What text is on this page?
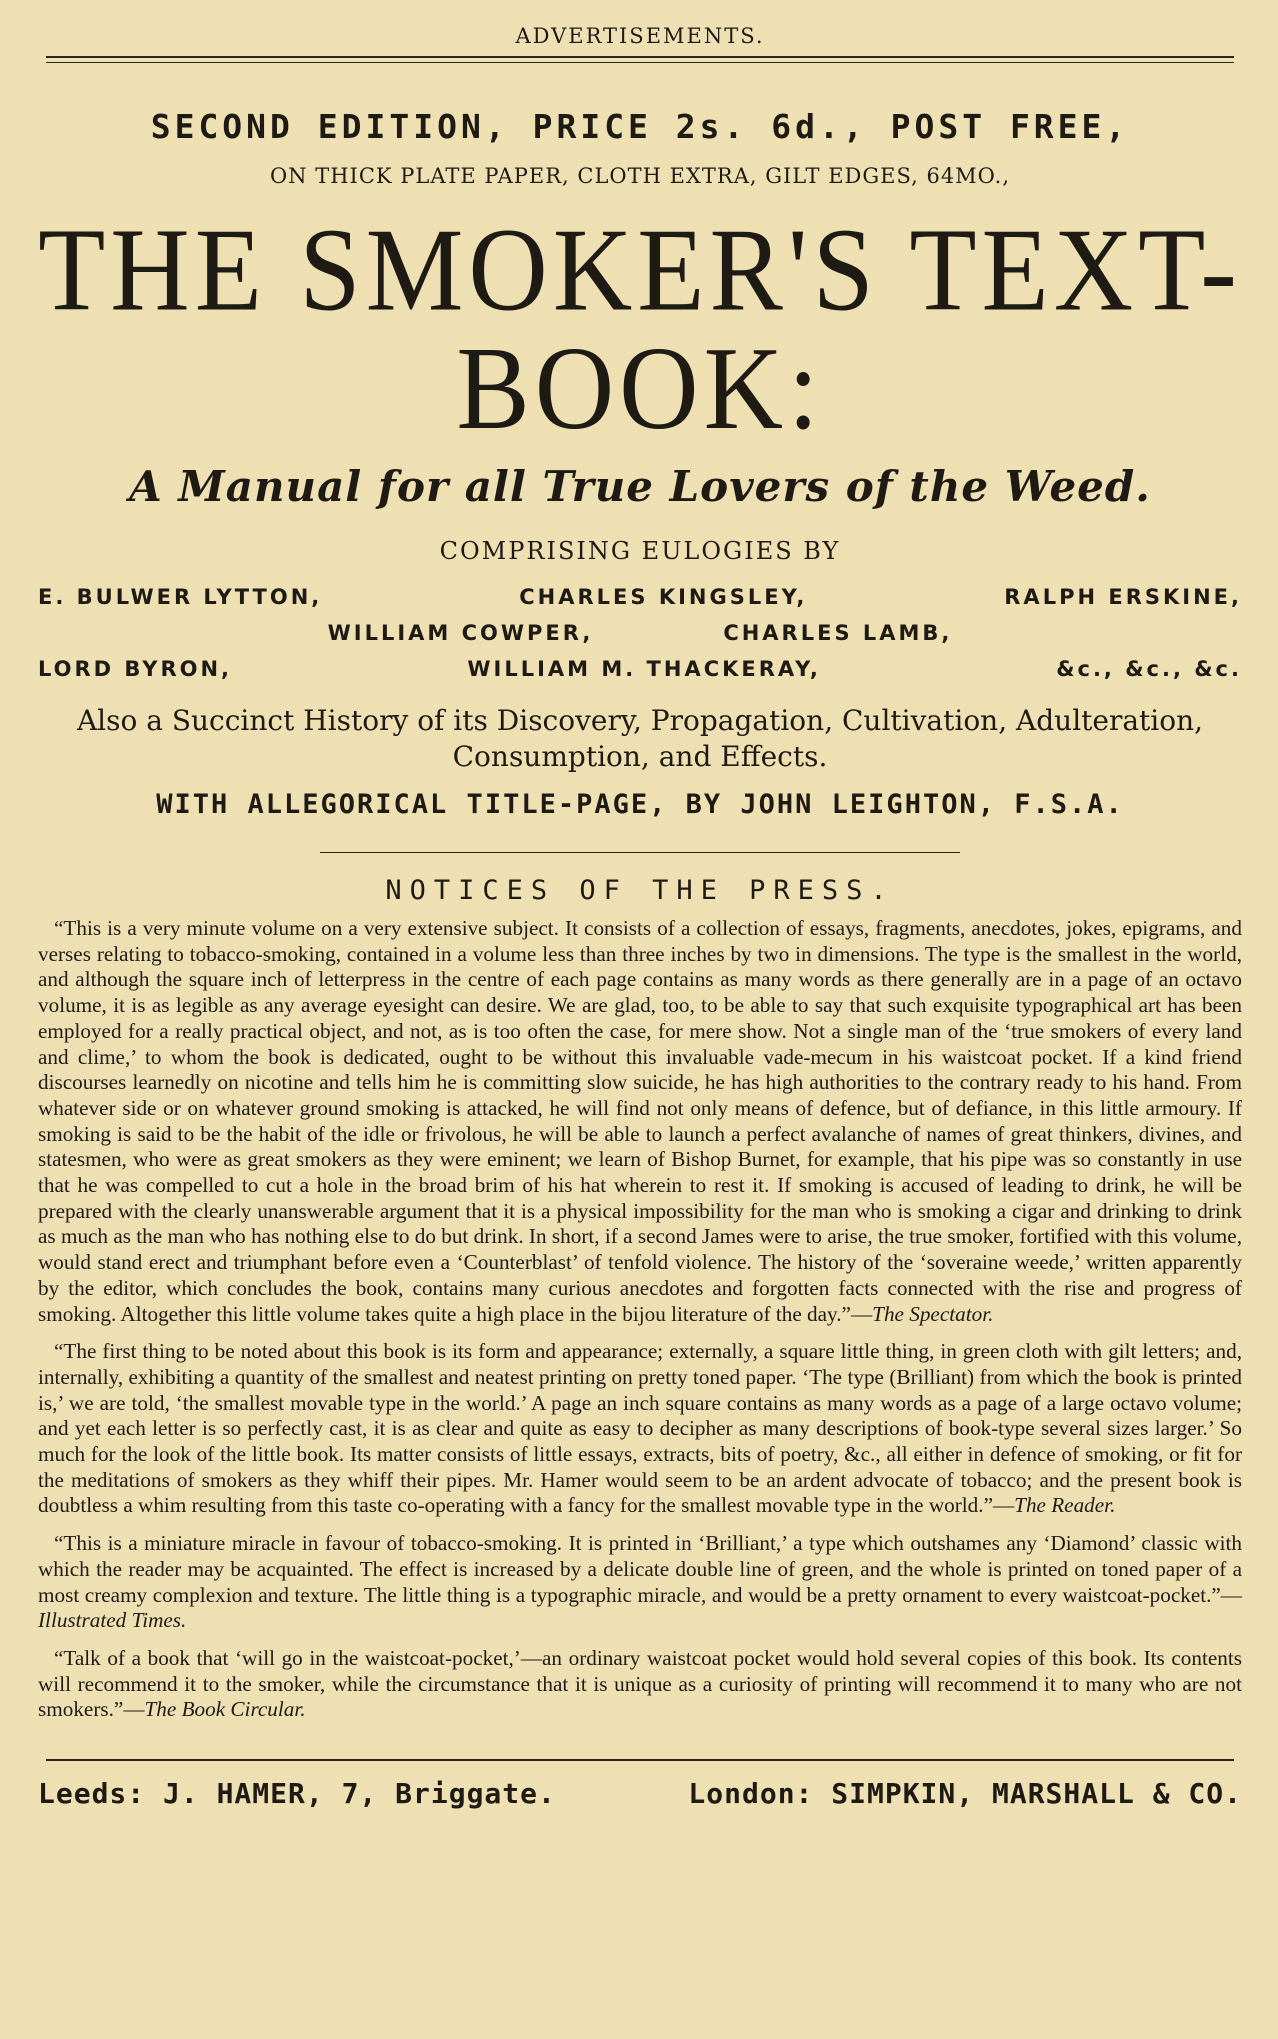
ADVERTISEMENTS.
SECOND EDITION, PRICE 2s. 6d., POST FREE,
ON THICK PLATE PAPER, CLOTH EXTRA, GILT EDGES, 64MO.,
THE SMOKER'S TEXT-BOOK:
A Manual for all True Lovers of the Weed.
COMPRISING EULOGIES BY
E. BULWER LYTTON,	CHARLES KINGSLEY,	RALPH ERSKINE,
WILLIAM COWPER,	CHARLES LAMB,
LORD BYRON,	WILLIAM M. THACKERAY,	&c., &c., &c.
Also a Succinct History of its Discovery, Propagation, Cultivation, Adulteration, Consumption, and Effects.
WITH ALLEGORICAL TITLE-PAGE, BY JOHN LEIGHTON, F.S.A.
NOTICES OF THE PRESS.

“This is a very minute volume on a very extensive subject. It consists of a collection of essays, fragments, anecdotes, jokes, epigrams, and verses relating to tobacco-smoking, contained in a volume less than three inches by two in dimensions. The type is the smallest in the world, and although the square inch of letterpress in the centre of each page contains as many words as there generally are in a page of an octavo volume, it is as legible as any average eyesight can desire. We are glad, too, to be able to say that such exquisite typographical art has been employed for a really practical object, and not, as is too often the case, for mere show. Not a single man of the ‘true smokers of every land and clime,’ to whom the book is dedicated, ought to be without this invaluable vade-mecum in his waistcoat pocket. If a kind friend discourses learnedly on nicotine and tells him he is committing slow suicide, he has high authorities to the contrary ready to his hand. From whatever side or on whatever ground smoking is attacked, he will find not only means of defence, but of defiance, in this little armoury. If smoking is said to be the habit of the idle or frivolous, he will be able to launch a perfect avalanche of names of great thinkers, divines, and statesmen, who were as great smokers as they were eminent; we learn of Bishop Burnet, for example, that his pipe was so constantly in use that he was compelled to cut a hole in the broad brim of his hat wherein to rest it. If smoking is accused of leading to drink, he will be prepared with the clearly unanswerable argument that it is a physical impossibility for the man who is smoking a cigar and drinking to drink as much as the man who has nothing else to do but drink. In short, if a second James were to arise, the true smoker, fortified with this volume, would stand erect and triumphant before even a ‘Counterblast’ of tenfold violence. The history of the ‘soveraine weede,’ written apparently by the editor, which concludes the book, contains many curious anecdotes and forgotten facts connected with the rise and progress of smoking. Altogether this little volume takes quite a high place in the bijou literature of the day.”—The Spectator.

“The first thing to be noted about this book is its form and appearance; externally, a square little thing, in green cloth with gilt letters; and, internally, exhibiting a quantity of the smallest and neatest printing on pretty toned paper. ‘The type (Brilliant) from which the book is printed is,’ we are told, ‘the smallest movable type in the world.’ A page an inch square contains as many words as a page of a large octavo volume; and yet each letter is so perfectly cast, it is as clear and quite as easy to decipher as many descriptions of book-type several sizes larger.’ So much for the look of the little book. Its matter consists of little essays, extracts, bits of poetry, &c., all either in defence of smoking, or fit for the meditations of smokers as they whiff their pipes. Mr. Hamer would seem to be an ardent advocate of tobacco; and the present book is doubtless a whim resulting from this taste co-operating with a fancy for the smallest movable type in the world.”—The Reader.

“This is a miniature miracle in favour of tobacco-smoking. It is printed in ‘Brilliant,’ a type which outshames any ‘Diamond’ classic with which the reader may be acquainted. The effect is increased by a delicate double line of green, and the whole is printed on toned paper of a most creamy complexion and texture. The little thing is a typographic miracle, and would be a pretty ornament to every waistcoat-pocket.”—Illustrated Times.

“Talk of a book that ‘will go in the waistcoat-pocket,’—an ordinary waistcoat pocket would hold several copies of this book. Its contents will recommend it to the smoker, while the circumstance that it is unique as a curiosity of printing will recommend it to many who are not smokers.”—The Book Circular.

Leeds: J. HAMER, 7, Briggate.	London: SIMPKIN, MARSHALL & CO.
